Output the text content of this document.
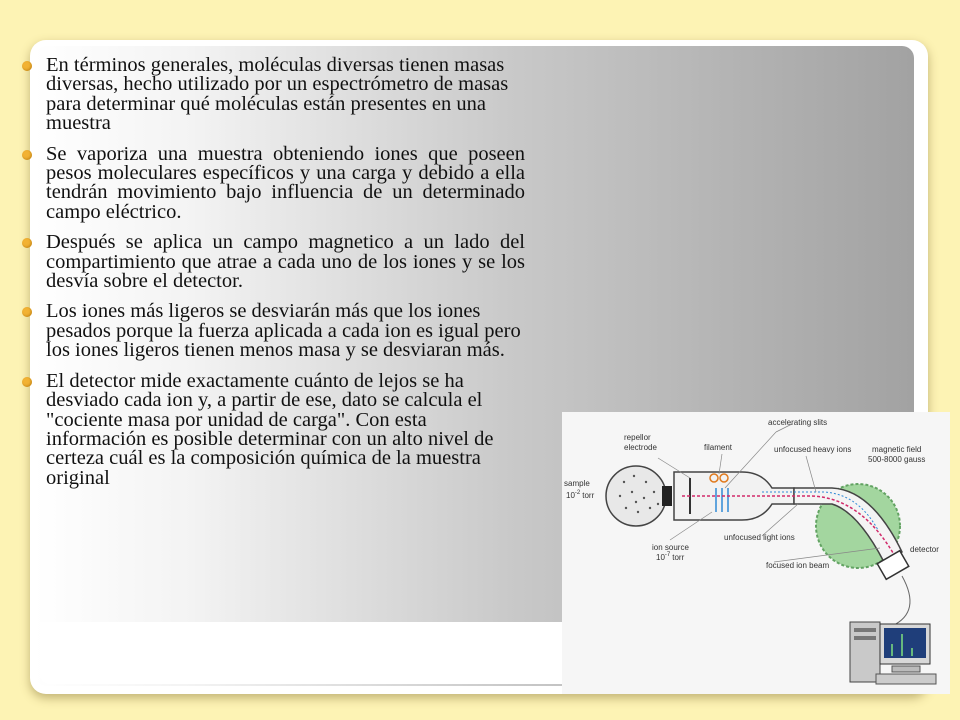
En términos generales, moléculas diversas tienen masas diversas, hecho utilizado por un espectrómetro de masas para determinar qué moléculas están presentes en una muestra
Se vaporiza una muestra obteniendo iones que poseen pesos moleculares específicos y una carga y debido a ella tendrán movimiento bajo influencia de un determinado campo eléctrico.
Después se aplica un campo magnetico a un lado del compartimiento que atrae a cada uno de los iones y se los desvía sobre el detector.
Los iones más ligeros se desviarán más que los iones pesados porque la fuerza aplicada a cada ion es igual pero los iones ligeros tienen menos masa y se desviaran más.
El detector mide exactamente cuánto de lejos se ha desviado cada ion y, a partir de ese, dato se calcula el "cociente masa por unidad de carga". Con esta información es posible determinar con un alto nivel de certeza cuál es la composición química de la muestra original
accelerating slits
repellor
electrode	filament	unfocused heavy ions	magnetic field
500-8000 gauss
sample
$10^{-2}$ torr
ion source
$10^{-7}$ torr
unfocused light ions
detector
focused ion beam
